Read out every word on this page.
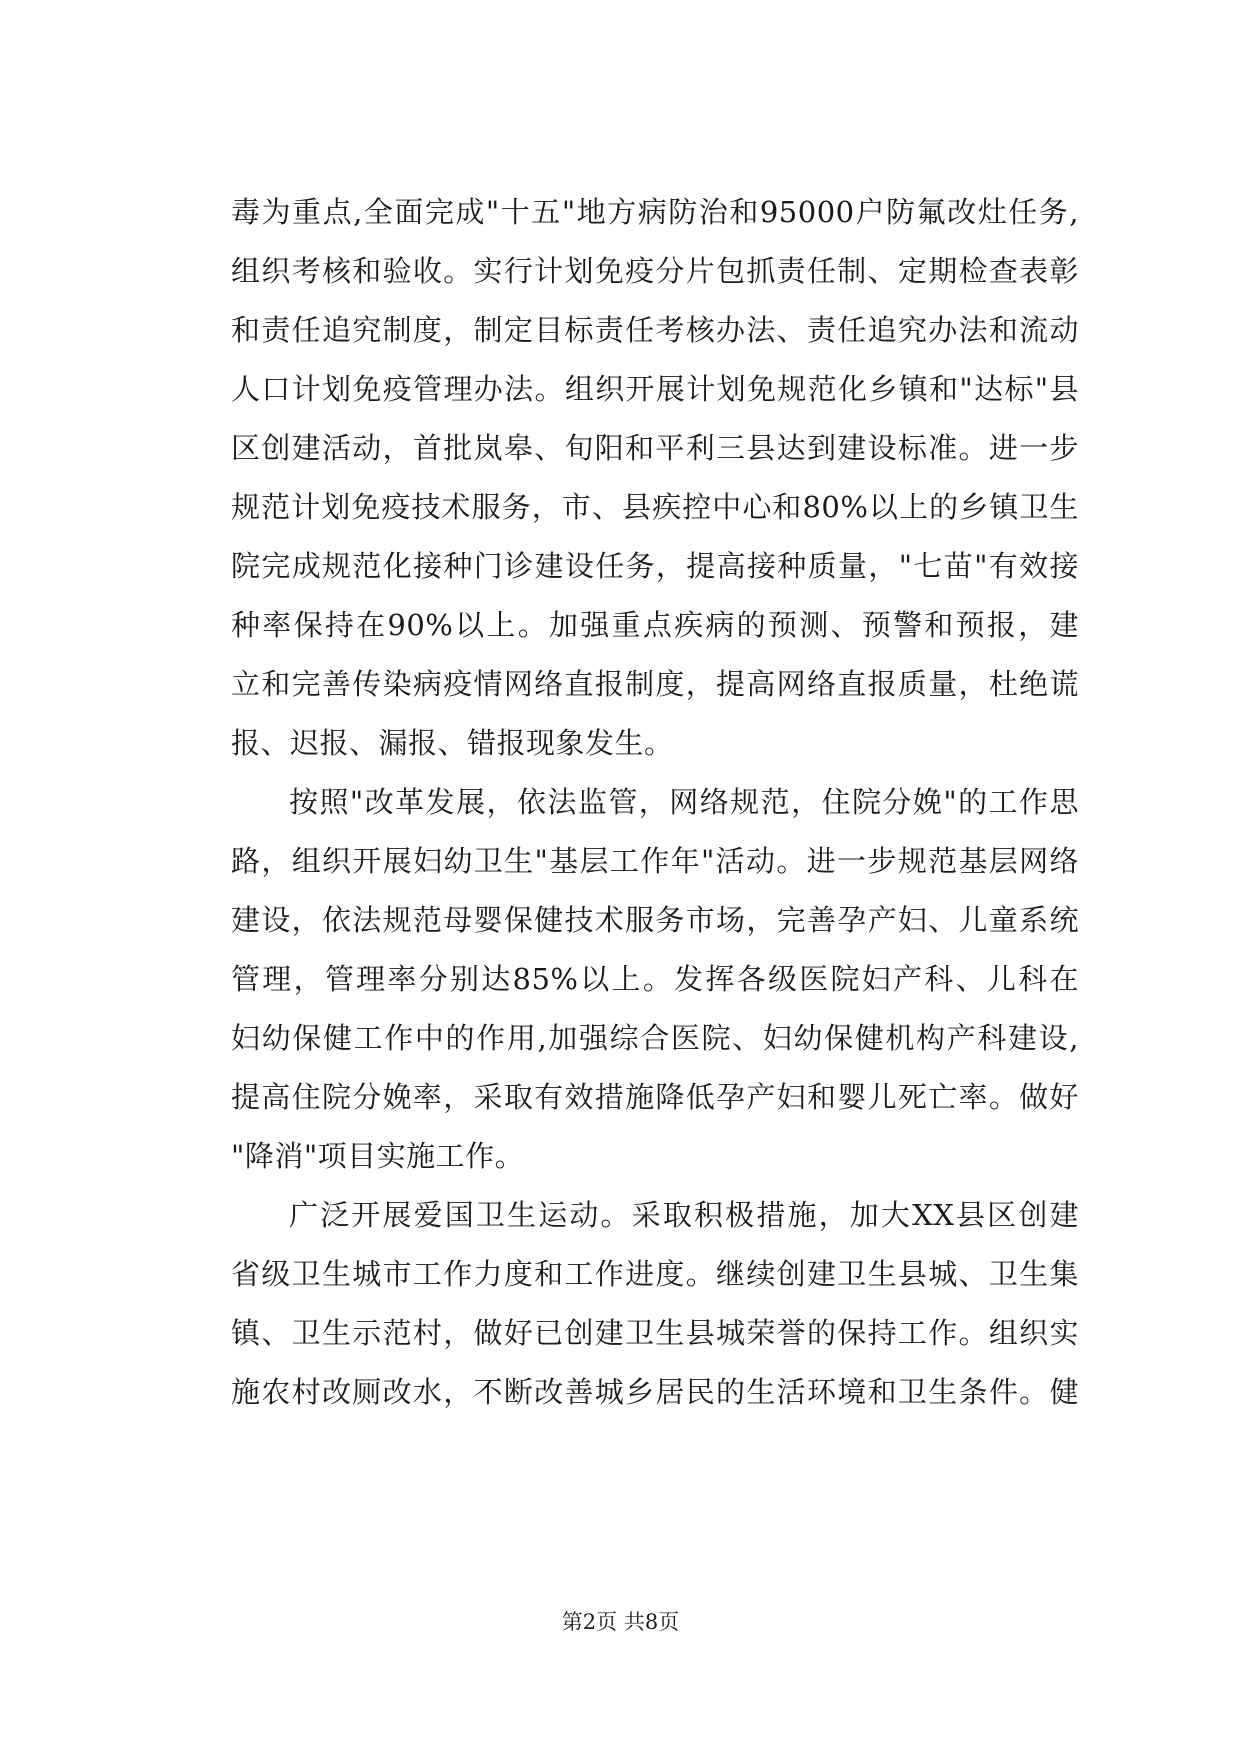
毒为重点,全面完成"十五"地方病防治和95000户防氟改灶任务,
组织考核和验收。实行计划免疫分片包抓责任制、定期检查表彰
和责任追究制度，制定目标责任考核办法、责任追究办法和流动
人口计划免疫管理办法。组织开展计划免规范化乡镇和"达标"县
区创建活动，首批岚皋、旬阳和平利三县达到建设标准。进一步
规范计划免疫技术服务，市、县疾控中心和80%以上的乡镇卫生
院完成规范化接种门诊建设任务，提高接种质量，"七苗"有效接
种率保持在90%以上。加强重点疾病的预测、预警和预报，建
立和完善传染病疫情网络直报制度，提高网络直报质量，杜绝谎
报、迟报、漏报、错报现象发生。
按照"改革发展，依法监管，网络规范，住院分娩"的工作思
路，组织开展妇幼卫生"基层工作年"活动。进一步规范基层网络
建设，依法规范母婴保健技术服务市场，完善孕产妇、儿童系统
管理，管理率分别达85%以上。发挥各级医院妇产科、儿科在
妇幼保健工作中的作用,加强综合医院、妇幼保健机构产科建设,
提高住院分娩率，采取有效措施降低孕产妇和婴儿死亡率。做好
"降消"项目实施工作。
广泛开展爱国卫生运动。采取积极措施，加大XX县区创建
省级卫生城市工作力度和工作进度。继续创建卫生县城、卫生集
镇、卫生示范村，做好已创建卫生县城荣誉的保持工作。组织实
施农村改厕改水，不断改善城乡居民的生活环境和卫生条件。健
第2页 共8页
